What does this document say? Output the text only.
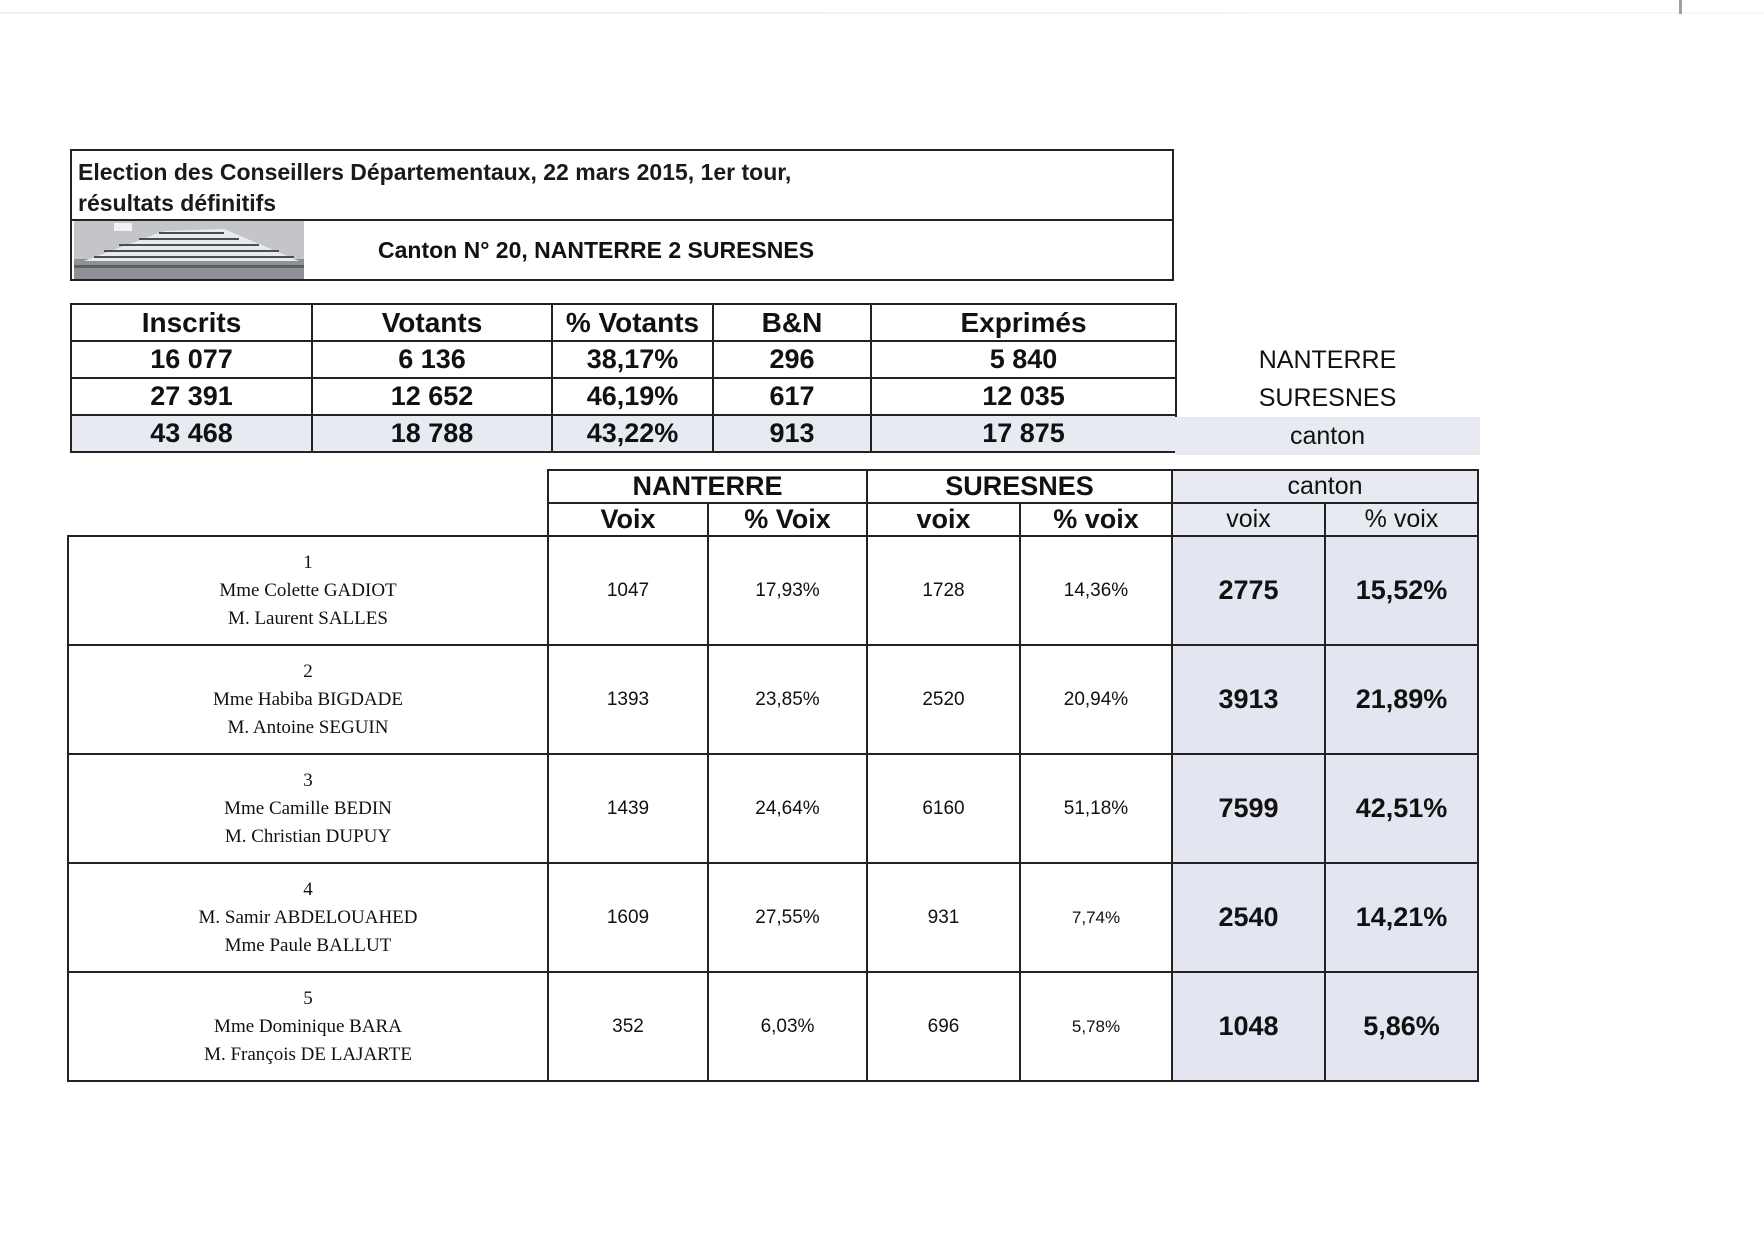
Election des Conseillers Départementaux, 22 mars 2015, 1er tour,
résultats définitifs
Canton N° 20, NANTERRE 2 SURESNES
Inscrits	Votants	% Votants	B&N	Exprimés
16 077	6 136	38,17%	296	5 840
27 391	12 652	46,19%	617	12 035
43 468	18 788	43,22%	913	17 875
NANTERRE
SURESNES
canton
	NANTERRE		SURESNES		canton	
	Voix	% Voix	voix	% voix	voix	% voix

1
Mme Colette GADIOT
M. Laurent SALLES	1047	17,93%	1728	14,36%	2775	15,52%

2
Mme Habiba BIGDADE
M. Antoine SEGUIN	1393	23,85%	2520	20,94%	3913	21,89%

3
Mme Camille BEDIN
M. Christian DUPUY	1439	24,64%	6160	51,18%	7599	42,51%

4
M. Samir ABDELOUAHED
Mme Paule BALLUT	1609	27,55%	931	7,74%	2540	14,21%

5
Mme Dominique BARA
M. François DE LAJARTE	352	6,03%	696	5,78%	1048	5,86%
